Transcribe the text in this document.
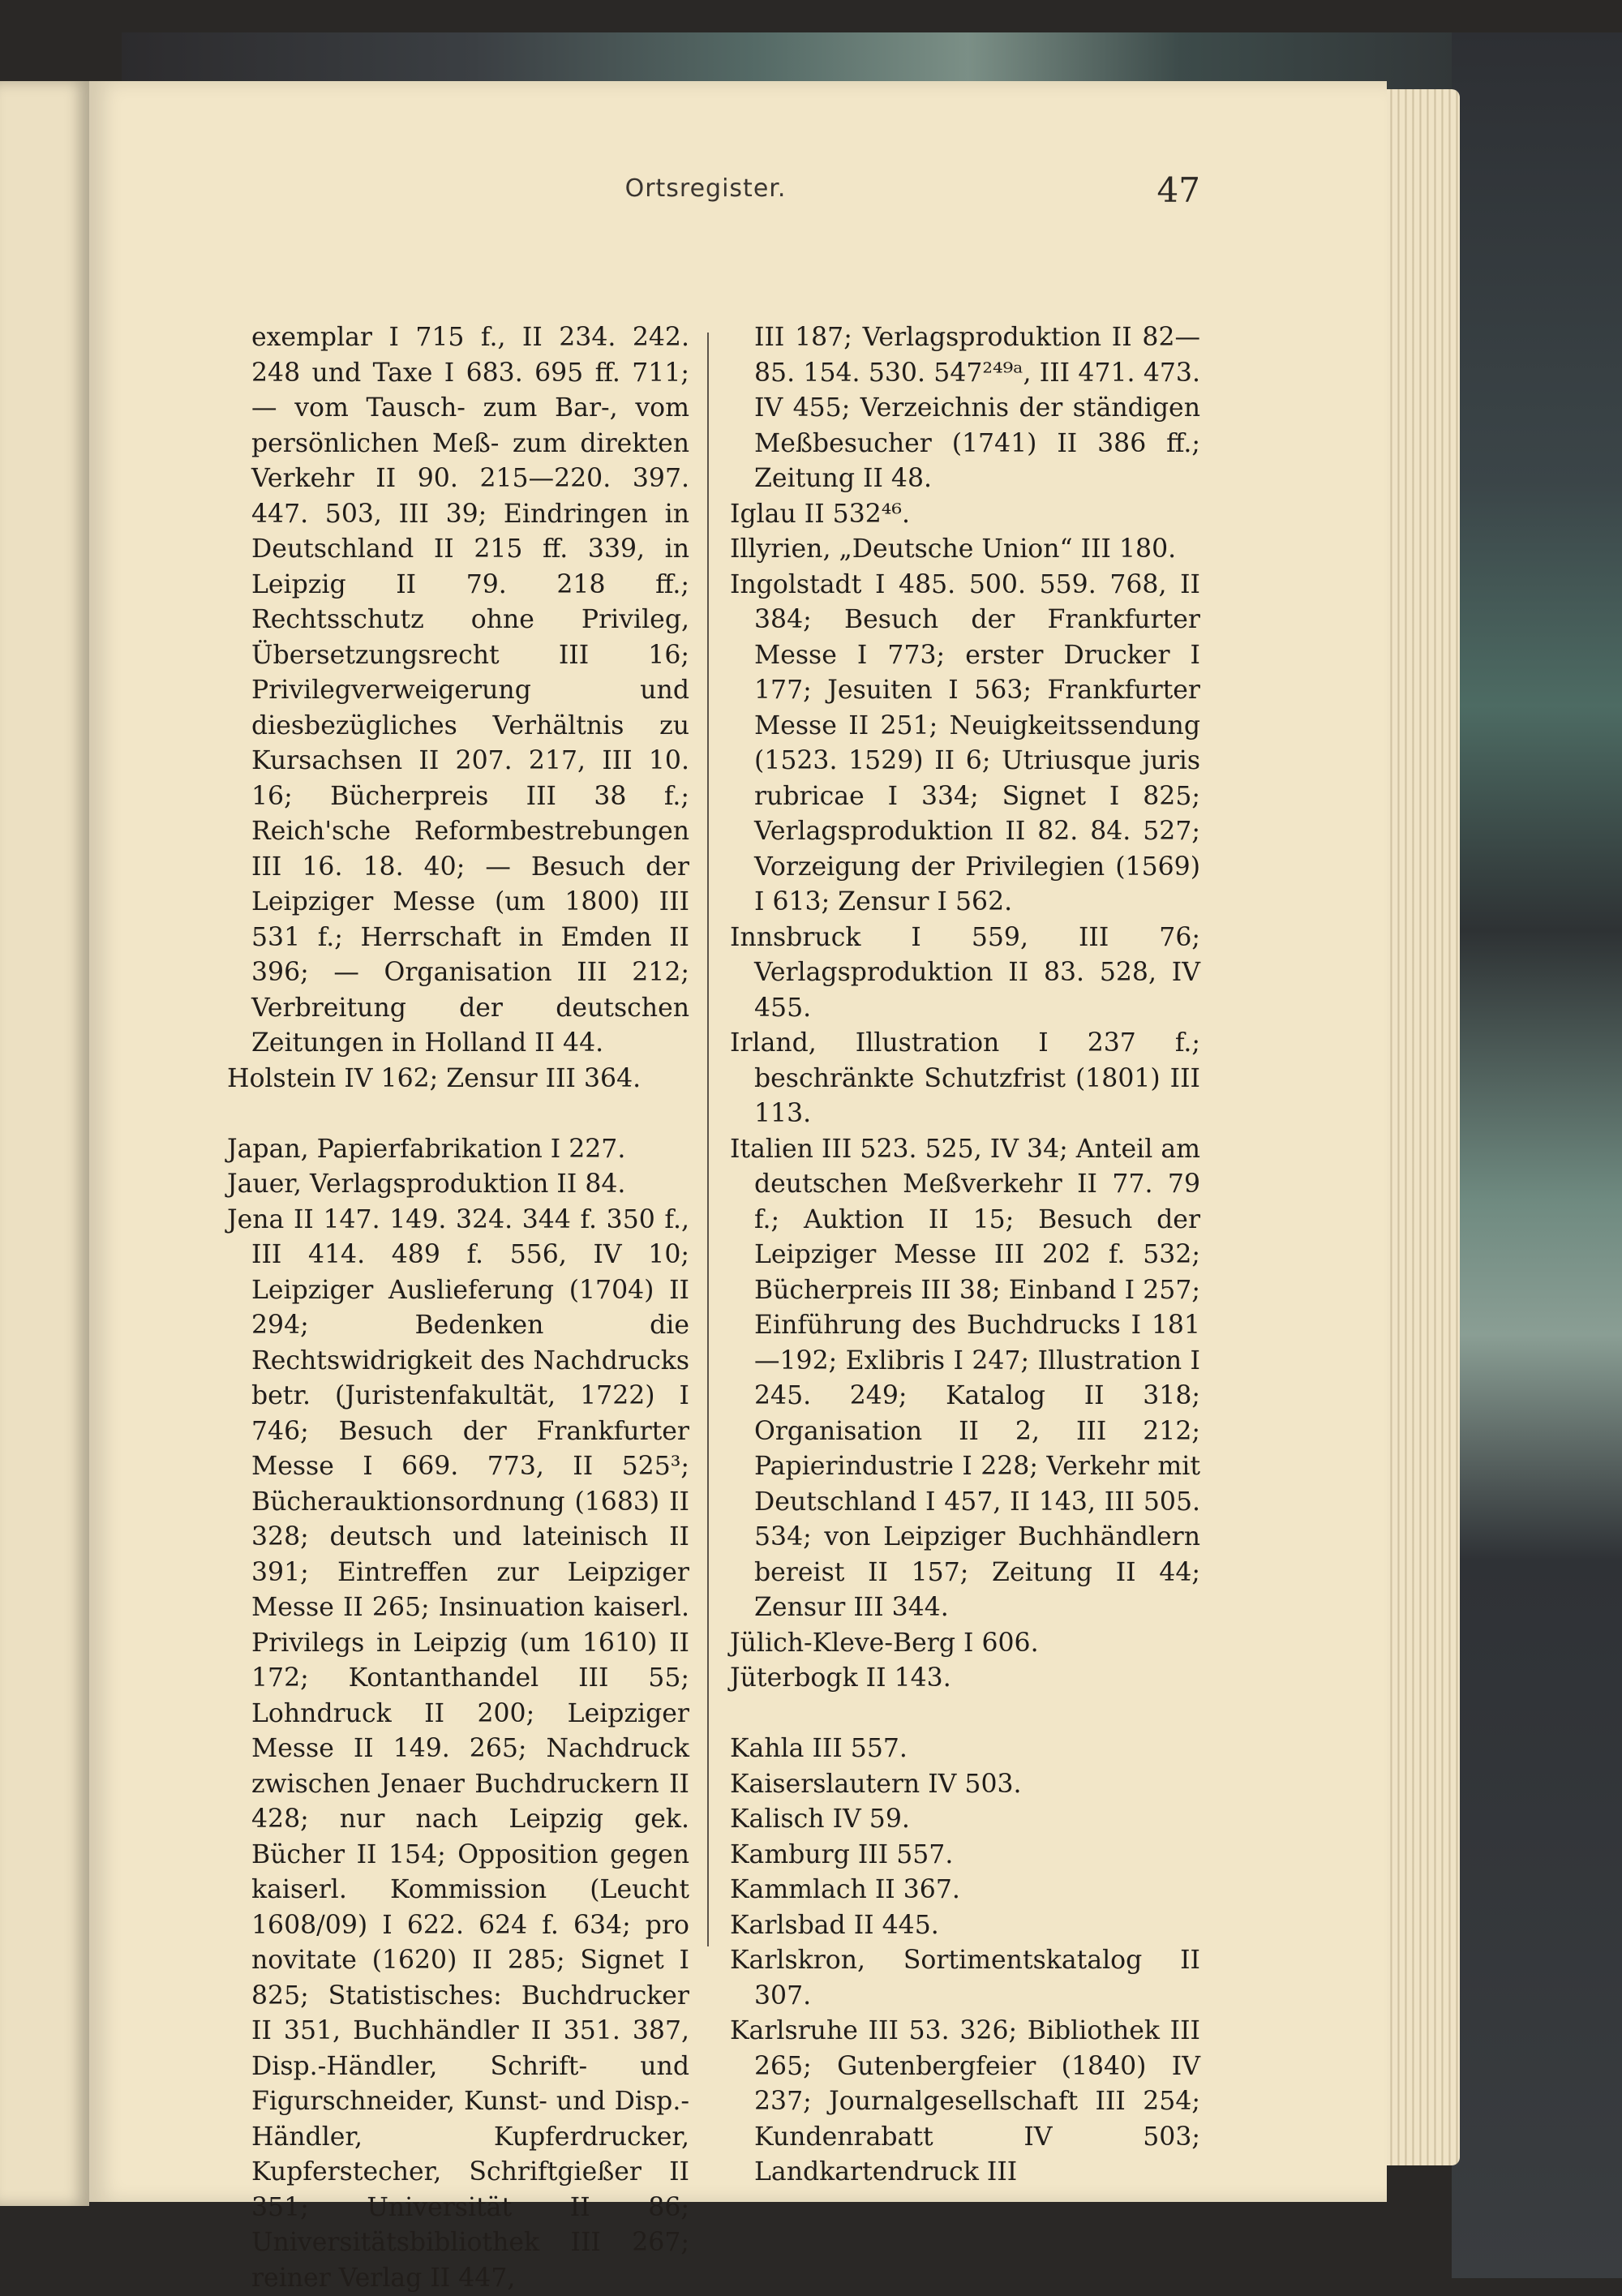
Ortsregister.	47
exemplar I 715 f., II 234. 242. 248 und Taxe I 683. 695 ff. 711; — vom Tausch- zum Bar-, vom persönlichen Meß- zum direkten Verkehr II 90. 215—220. 397. 447. 503, III 39; Eindringen in Deutschland II 215 ff. 339, in Leipzig II 79. 218 ff.; Rechtsschutz ohne Privileg, Übersetzungsrecht III 16; Privilegverweigerung und diesbezügliches Verhältnis zu Kursachsen II 207. 217, III 10. 16; Bücherpreis III 38 f.; Reich'sche Reformbestrebungen III 16. 18. 40; — Besuch der Leipziger Messe (um 1800) III 531 f.; Herrschaft in Emden II 396; — Organisation III 212; Verbreitung der deutschen Zeitungen in Holland II 44.
Holstein IV 162; Zensur III 364.
Japan, Papierfabrikation I 227.
Jauer, Verlagsproduktion II 84.
Jena II 147. 149. 324. 344 f. 350 f., III 414. 489 f. 556, IV 10; Leipziger Auslieferung (1704) II 294; Bedenken die Rechtswidrigkeit des Nachdrucks betr. (Juristenfakultät, 1722) I 746; Besuch der Frankfurter Messe I 669. 773, II 525³; Bücherauktionsordnung (1683) II 328; deutsch und lateinisch II 391; Eintreffen zur Leipziger Messe II 265; Insinuation kaiserl. Privilegs in Leipzig (um 1610) II 172; Kontanthandel III 55; Lohndruck II 200; Leipziger Messe II 149. 265; Nachdruck zwischen Jenaer Buchdruckern II 428; nur nach Leipzig gek. Bücher II 154; Opposition gegen kaiserl. Kommission (Leucht 1608/09) I 622. 624 f. 634; pro novitate (1620) II 285; Signet I 825; Statistisches: Buchdrucker II 351, Buchhändler II 351. 387, Disp.-Händler, Schrift- und Figurschneider, Kunst- und Disp.-Händler, Kupferdrucker, Kupferstecher, Schriftgießer II 351; Universität II 86; Universitätsbibliothek III 267; reiner Verlag II 447,
III 187; Verlagsproduktion II 82—85. 154. 530. 547²⁴⁹ᵃ, III 471. 473. IV 455; Verzeichnis der ständigen Meßbesucher (1741) II 386 ff.; Zeitung II 48.
Iglau II 532⁴⁶.
Illyrien, „Deutsche Union“ III 180.
Ingolstadt I 485. 500. 559. 768, II 384; Besuch der Frankfurter Messe I 773; erster Drucker I 177; Jesuiten I 563; Frankfurter Messe II 251; Neuigkeitssendung (1523. 1529) II 6; Utriusque juris rubricae I 334; Signet I 825; Verlagsproduktion II 82. 84. 527; Vorzeigung der Privilegien (1569) I 613; Zensur I 562.
Innsbruck I 559, III 76; Verlagsproduktion II 83. 528, IV 455.
Irland, Illustration I 237 f.; beschränkte Schutzfrist (1801) III 113.
Italien III 523. 525, IV 34; Anteil am deutschen Meßverkehr II 77. 79 f.; Auktion II 15; Besuch der Leipziger Messe III 202 f. 532; Bücherpreis III 38; Einband I 257; Einführung des Buchdrucks I 181—192; Exlibris I 247; Illustration I 245. 249; Katalog II 318; Organisation II 2, III 212; Papierindustrie I 228; Verkehr mit Deutschland I 457, II 143, III 505. 534; von Leipziger Buchhändlern bereist II 157; Zeitung II 44; Zensur III 344.
Jülich-Kleve-Berg I 606.
Jüterbogk II 143.
Kahla III 557.
Kaiserslautern IV 503.
Kalisch IV 59.
Kamburg III 557.
Kammlach II 367.
Karlsbad II 445.
Karlskron, Sortimentskatalog II 307.
Karlsruhe III 53. 326; Bibliothek III 265; Gutenbergfeier (1840) IV 237; Journalgesellschaft III 254; Kundenrabatt IV 503; Landkartendruck III
